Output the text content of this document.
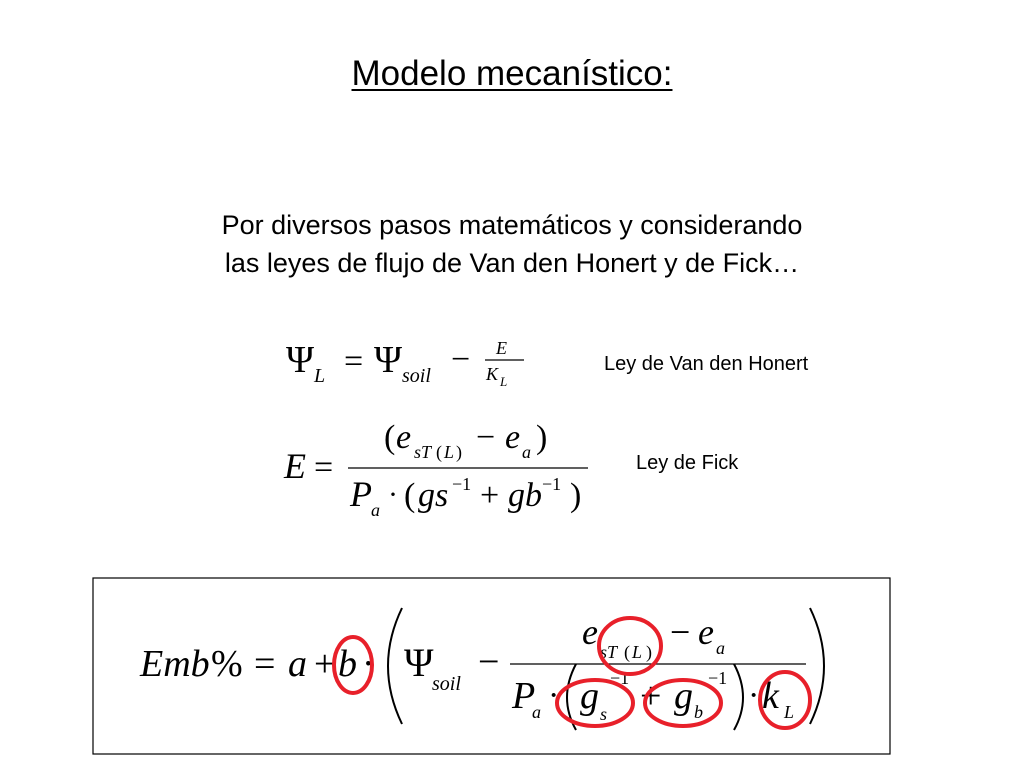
Modelo mecanístico:
Por diversos pasos matemáticos y considerando
las leyes de flujo de Van den Honert y de Fick…
Ley de Van den Honert
Ley de Fick
Ψ L = Ψ soil − E
K L
E =
( e sT ( L ) − e a )
P a · ( gs −1 + gb −1 )
Emb % = a + b · Ψ
soil
−
e sT ( L ) − e a
P
a · g s
−1 + g b
−1 · k L
